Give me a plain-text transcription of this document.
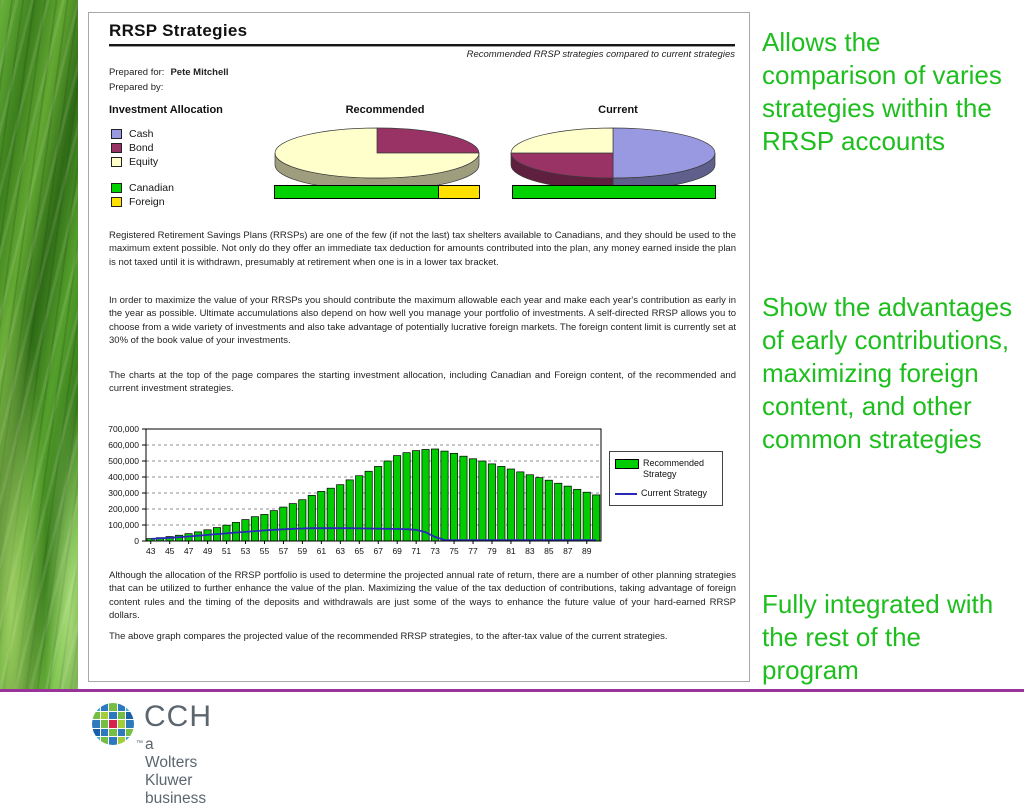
RRSP Strategies
Recommended RRSP strategies compared to current strategies
Prepared for: Pete Mitchell
Prepared by:
Investment Allocation	Recommended	Current
Cash
Bond
Equity
Canadian
Foreign

Registered Retirement Savings Plans (RRSPs) are one of the few (if not the last) tax shelters available to Canadians, and they should be used to the maximum extent possible. Not only do they offer an immediate tax deduction for amounts contributed into the plan, any money earned inside the plan is not taxed until it is withdrawn, presumably at retirement when one is in a lower tax bracket.

In order to maximize the value of your RRSPs you should contribute the maximum allowable each year and make each year's contribution as early in the year as possible. Ultimate accumulations also depend on how well you manage your portfolio of investments. A self-directed RRSP allows you to choose from a wide variety of investments and also take advantage of potentially lucrative foreign markets. The foreign content limit is currently set at 30% of the book value of your investments.

The charts at the top of the page compares the starting investment allocation, including Canadian and Foreign content, of the recommended and current investment strategies.

0
100,000
200,000
300,000
400,000
500,000
600,000
700,000
43 45 47 49 51 53 55 57 59 61 63 65 67 69 71 73 75 77 79 81 83 85 87 89
Recommended Strategy
Current Strategy

Although the allocation of the RRSP portfolio is used to determine the projected annual rate of return, there are a number of other planning strategies that can be utilized to further enhance the value of the plan. Maximizing the value of the tax deduction of contributions, taking advantage of foreign content rules and the timing of the deposits and withdrawals are just some of the ways to enhance the future value of your hard-earned RRSP dollars.

The above graph compares the projected value of the recommended RRSP strategies, to the after-tax value of the current strategies.

Allows the comparison of varies strategies within the RRSP accounts
Show the advantages of early contributions, maximizing foreign content, and other common strategies
Fully integrated with the rest of the program
™
CCH
a Wolters Kluwer business
